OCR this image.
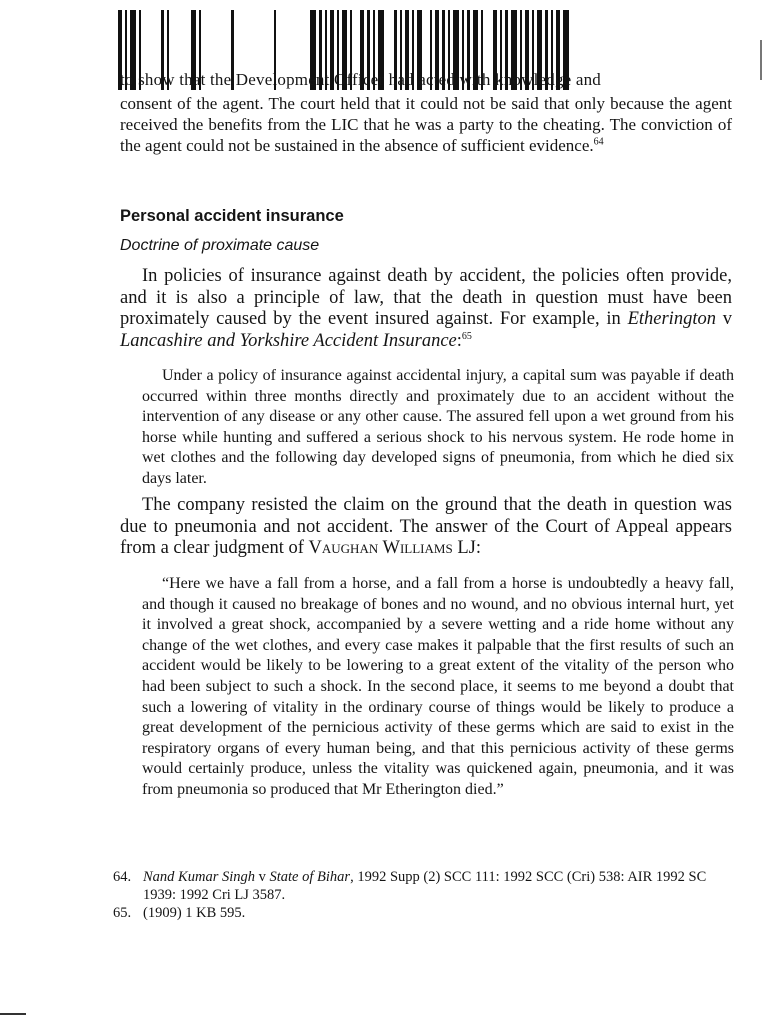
to show that the Development Officer had acted with knowledge and
consent of the agent. The court held that it could not be said that only because the agent received the benefits from the LIC that he was a party to the cheating. The conviction of the agent could not be sustained in the absence of sufficient evidence.$^{64}$
Personal accident insurance
Doctrine of proximate cause
In policies of insurance against death by accident, the policies often provide, and it is also a principle of law, that the death in question must have been proximately caused by the event insured against. For example, in Etherington v Lancashire and Yorkshire Accident Insurance:$^{65}$
Under a policy of insurance against accidental injury, a capital sum was payable if death occurred within three months directly and proximately due to an accident without the intervention of any disease or any other cause. The assured fell upon a wet ground from his horse while hunting and suffered a serious shock to his nervous system. He rode home in wet clothes and the following day developed signs of pneumonia, from which he died six days later.
The company resisted the claim on the ground that the death in question was due to pneumonia and not accident. The answer of the Court of Appeal appears from a clear judgment of Vaughan Williams LJ:
“Here we have a fall from a horse, and a fall from a horse is undoubtedly a heavy fall, and though it caused no breakage of bones and no wound, and no obvious internal hurt, yet it involved a great shock, accompanied by a severe wetting and a ride home without any change of the wet clothes, and every case makes it palpable that the first results of such an accident would be likely to be lowering to a great extent of the vitality of the person who had been subject to such a shock. In the second place, it seems to me beyond a doubt that such a lowering of vitality in the ordinary course of things would be likely to produce a great development of the pernicious activity of these germs which are said to exist in the respiratory organs of every human being, and that this pernicious activity of these germs would certainly produce, unless the vitality was quickened again, pneumonia, and it was from pneumonia so produced that Mr Etherington died.”
64. Nand Kumar Singh v State of Bihar, 1992 Supp (2) SCC 111: 1992 SCC (Cri) 538: AIR 1992 SC 1939: 1992 Cri LJ 3587.
65. (1909) 1 KB 595.
